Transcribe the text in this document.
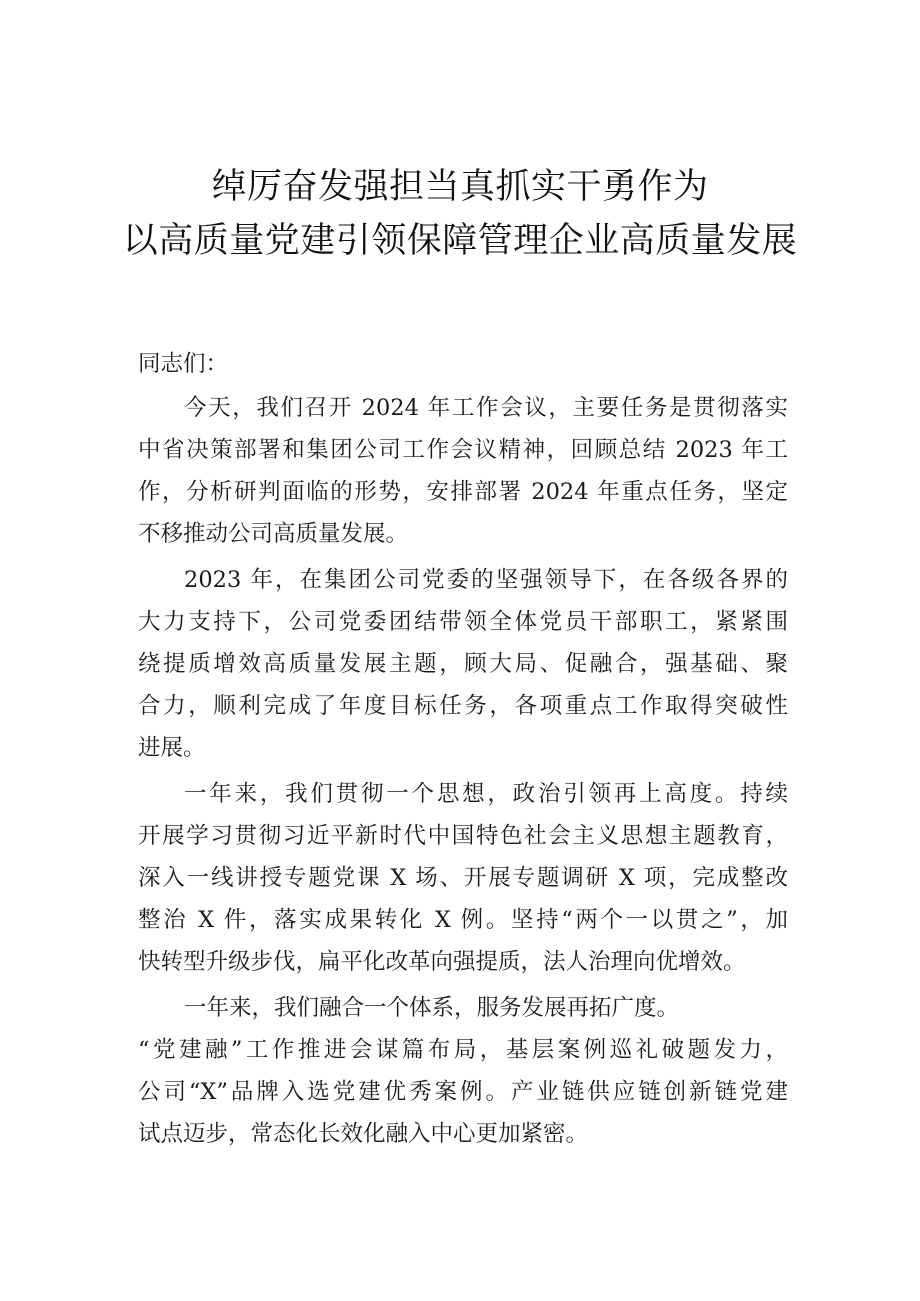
绰厉奋发强担当真抓实干勇作为
以高质量党建引领保障管理企业高质量发展
同志们：
今天，我们召开 2024 年工作会议，主要任务是贯彻落实
中省决策部署和集团公司工作会议精神，回顾总结 2023 年工
作，分析研判面临的形势，安排部署 2024 年重点任务，坚定
不移推动公司高质量发展。
2023 年，在集团公司党委的坚强领导下，在各级各界的
大力支持下，公司党委团结带领全体党员干部职工，紧紧围
绕提质增效高质量发展主题，顾大局、促融合，强基础、聚
合力，顺利完成了年度目标任务，各项重点工作取得突破性
进展。
一年来，我们贯彻一个思想，政治引领再上高度。持续
开展学习贯彻习近平新时代中国特色社会主义思想主题教育，
深入一线讲授专题党课 X 场、开展专题调研 X 项，完成整改
整治 X 件，落实成果转化 X 例。坚持“两个一以贯之”，加
快转型升级步伐，扁平化改革向强提质，法人治理向优增效。
一年来，我们融合一个体系，服务发展再拓广度。
“党建融”工作推进会谋篇布局，基层案例巡礼破题发力，
公司“X”品牌入选党建优秀案例。产业链供应链创新链党建
试点迈步，常态化长效化融入中心更加紧密。
